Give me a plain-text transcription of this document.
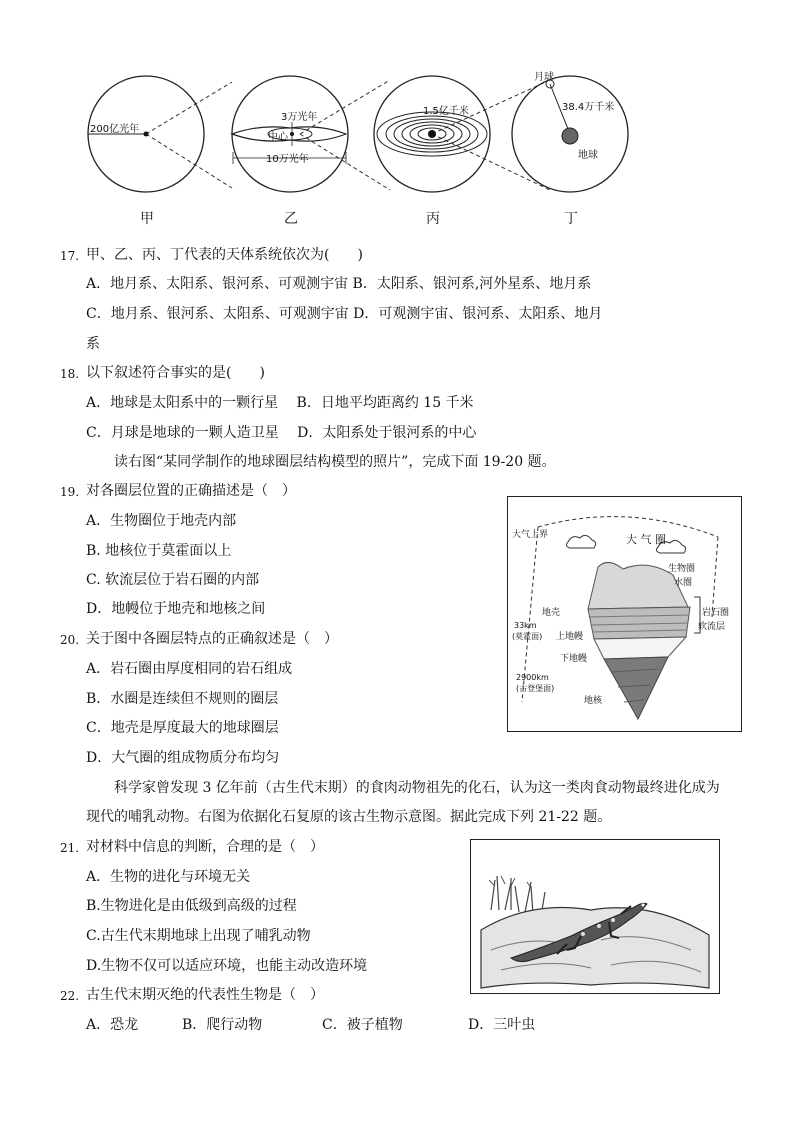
200亿光年
3万光年
中心
10万光年
1.5亿千米
月球
38.4万千米
地球
甲	乙	丙	丁
17. 甲、乙、丙、丁代表的天体系统依次为(　　)
A．地月系、太阳系、银河系、可观测宇宙 B．太阳系、银河系,河外星系、地月系
C．地月系、银河系、太阳系、可观测宇宙 D．可观测宇宙、银河系、太阳系、地月
系
18. 以下叙述符合事实的是(　　)
A．地球是太阳系中的一颗行星　 B．日地平均距离约 15 千米
C．月球是地球的一颗人造卫星　 D．太阳系处于银河系的中心
读右图“某同学制作的地球圈层结构模型的照片”，完成下面 19-20 题。
19. 对各圈层位置的正确描述是（　）
A．生物圈位于地壳内部
B. 地核位于莫霍面以上
C. 软流层位于岩石圈的内部
D．地幔位于地壳和地核之间
20. 关于图中各圈层特点的正确叙述是（　）
A．岩石圈由厚度相同的岩石组成
B．水圈是连续但不规则的圈层
C．地壳是厚度最大的地球圈层
D．大气圈的组成物质分布均匀
大气上界	大 气 圈
生物圈
水圈
地壳
33km
(莫霍面) 上地幔
下地幔
2900km
(古登堡面)
地核
岩石圈
软流层
科学家曾发现 3 亿年前（古生代末期）的食肉动物祖先的化石，认为这一类肉食动物最终进化成为
现代的哺乳动物。右图为依据化石复原的该古生物示意图。据此完成下列 21-22 题。
21. 对材料中信息的判断，合理的是（　）
A．生物的进化与环境无关
B.生物进化是由低级到高级的过程
C.古生代末期地球上出现了哺乳动物
D.生物不仅可以适应环境，也能主动改造环境
22. 古生代末期灭绝的代表性生物是（　）
A．恐龙	B．爬行动物	C．被子植物	D．三叶虫
